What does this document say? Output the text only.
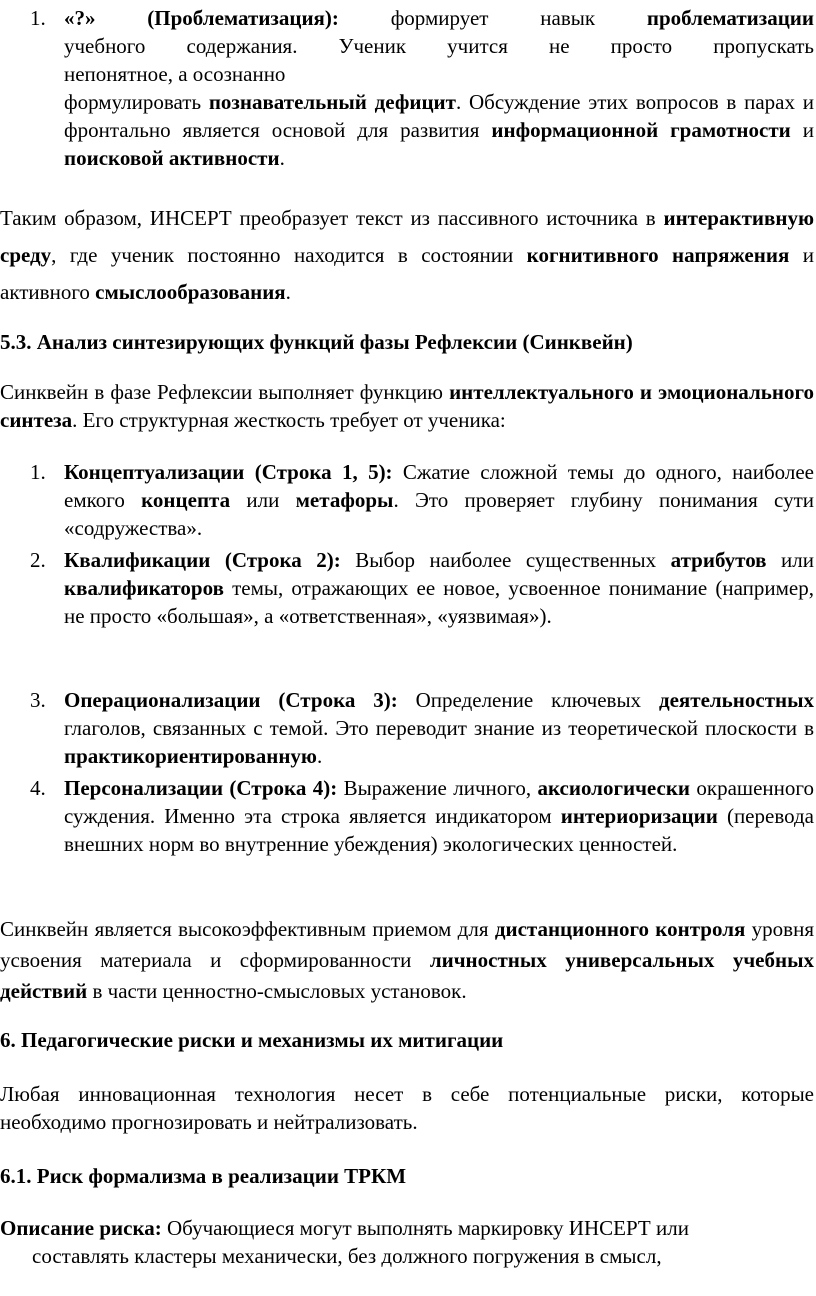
1. «?» (Проблематизация): формирует навык проблематизации
учебного содержания. Ученик учится не просто пропускать
непонятное, а осознанно
формулировать познавательный дефицит. Обсуждение этих вопросов в парах и фронтально является основой для развития информационной грамотности и поисковой активности.
Таким образом, ИНСЕРТ преобразует текст из пассивного источника в интерактивную среду, где ученик постоянно находится в состоянии когнитивного напряжения и активного смыслообразования.
5.3. Анализ синтезирующих функций фазы Рефлексии (Синквейн)
Синквейн в фазе Рефлексии выполняет функцию интеллектуального и эмоционального синтеза. Его структурная жесткость требует от ученика:
1. Концептуализации (Строка 1, 5): Сжатие сложной темы до одного, наиболее емкого концепта или метафоры. Это проверяет глубину понимания сути «содружества».
2. Квалификации (Строка 2): Выбор наиболее существенных атрибутов или квалификаторов темы, отражающих ее новое, усвоенное понимание (например, не просто «большая», а «ответственная», «уязвимая»).
3. Операционализации (Строка 3): Определение ключевых деятельностных глаголов, связанных с темой. Это переводит знание из теоретической плоскости в практикориентированную.
4. Персонализации (Строка 4): Выражение личного, аксиологически окрашенного суждения. Именно эта строка является индикатором интериоризации (перевода внешних норм во внутренние убеждения) экологических ценностей.
Синквейн является высокоэффективным приемом для дистанционного контроля уровня усвоения материала и сформированности личностных универсальных учебных действий в части ценностно-смысловых установок.
6. Педагогические риски и механизмы их митигации
Любая инновационная технология несет в себе потенциальные риски, которые необходимо прогнозировать и нейтрализовать.
6.1. Риск формализма в реализации ТРКМ
Описание риска: Обучающиеся могут выполнять маркировку ИНСЕРТ или
составлять кластеры механически, без должного погружения в смысл,
